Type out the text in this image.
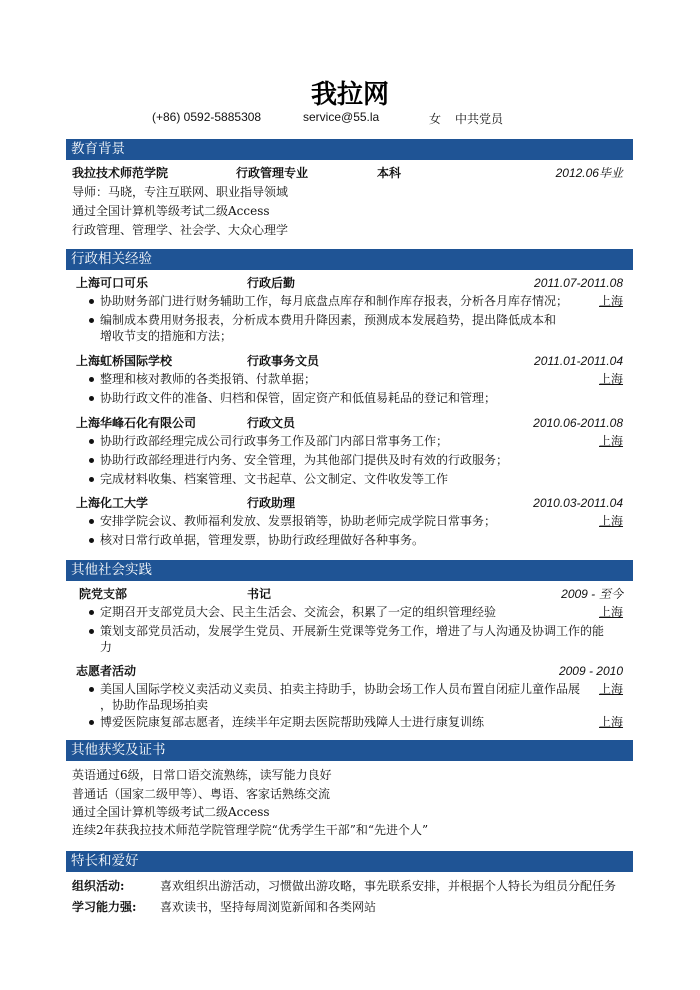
我拉网
(+86) 0592-5885308	service@55.la	女 中共党员
教育背景
我拉技术师范学院	行政管理专业	本科	2012.06毕业
导师：马晓，专注互联网、职业指导领域
通过全国计算机等级考试二级Access
行政管理、管理学、社会学、大众心理学
行政相关经验
上海可口可乐	行政后勤	2011.07-2011.08
协助财务部门进行财务辅助工作，每月底盘点库存和制作库存报表，分析各月库存情况；	上海
编制成本费用财务报表，分析成本费用升降因素，预测成本发展趋势，提出降低成本和
增收节支的措施和方法；
上海虹桥国际学校	行政事务文员	2011.01-2011.04
整理和核对教师的各类报销、付款单据；	上海
协助行政文件的准备、归档和保管，固定资产和低值易耗品的登记和管理；
上海华峰石化有限公司	行政文员	2010.06-2011.08
协助行政部经理完成公司行政事务工作及部门内部日常事务工作；	上海
协助行政部经理进行内务、安全管理，为其他部门提供及时有效的行政服务；
完成材料收集、档案管理、文书起草、公文制定、文件收发等工作
上海化工大学	行政助理	2010.03-2011.04
安排学院会议、教师福利发放、发票报销等，协助老师完成学院日常事务；	上海
核对日常行政单据，管理发票，协助行政经理做好各种事务。
其他社会实践
院党支部	书记	2009 - 至今
定期召开支部党员大会、民主生活会、交流会，积累了一定的组织管理经验	上海
策划支部党员活动，发展学生党员、开展新生党课等党务工作，增进了与人沟通及协调工作的能
力
志愿者活动	2009 - 2010
美国人国际学校义卖活动义卖员、拍卖主持助手，协助会场工作人员布置自闭症儿童作品展 上海
，协助作品现场拍卖
博爱医院康复部志愿者，连续半年定期去医院帮助残障人士进行康复训练	上海
其他获奖及证书
英语通过6级，日常口语交流熟练，读写能力良好
普通话（国家二级甲等）、粤语、客家话熟练交流
通过全国计算机等级考试二级Access
连续2年获我拉技术师范学院管理学院“优秀学生干部”和“先进个人”
特长和爱好
组织活动:	喜欢组织出游活动，习惯做出游攻略，事先联系安排，并根据个人特长为组员分配任务
学习能力强: 喜欢读书，坚持每周浏览新闻和各类网站
